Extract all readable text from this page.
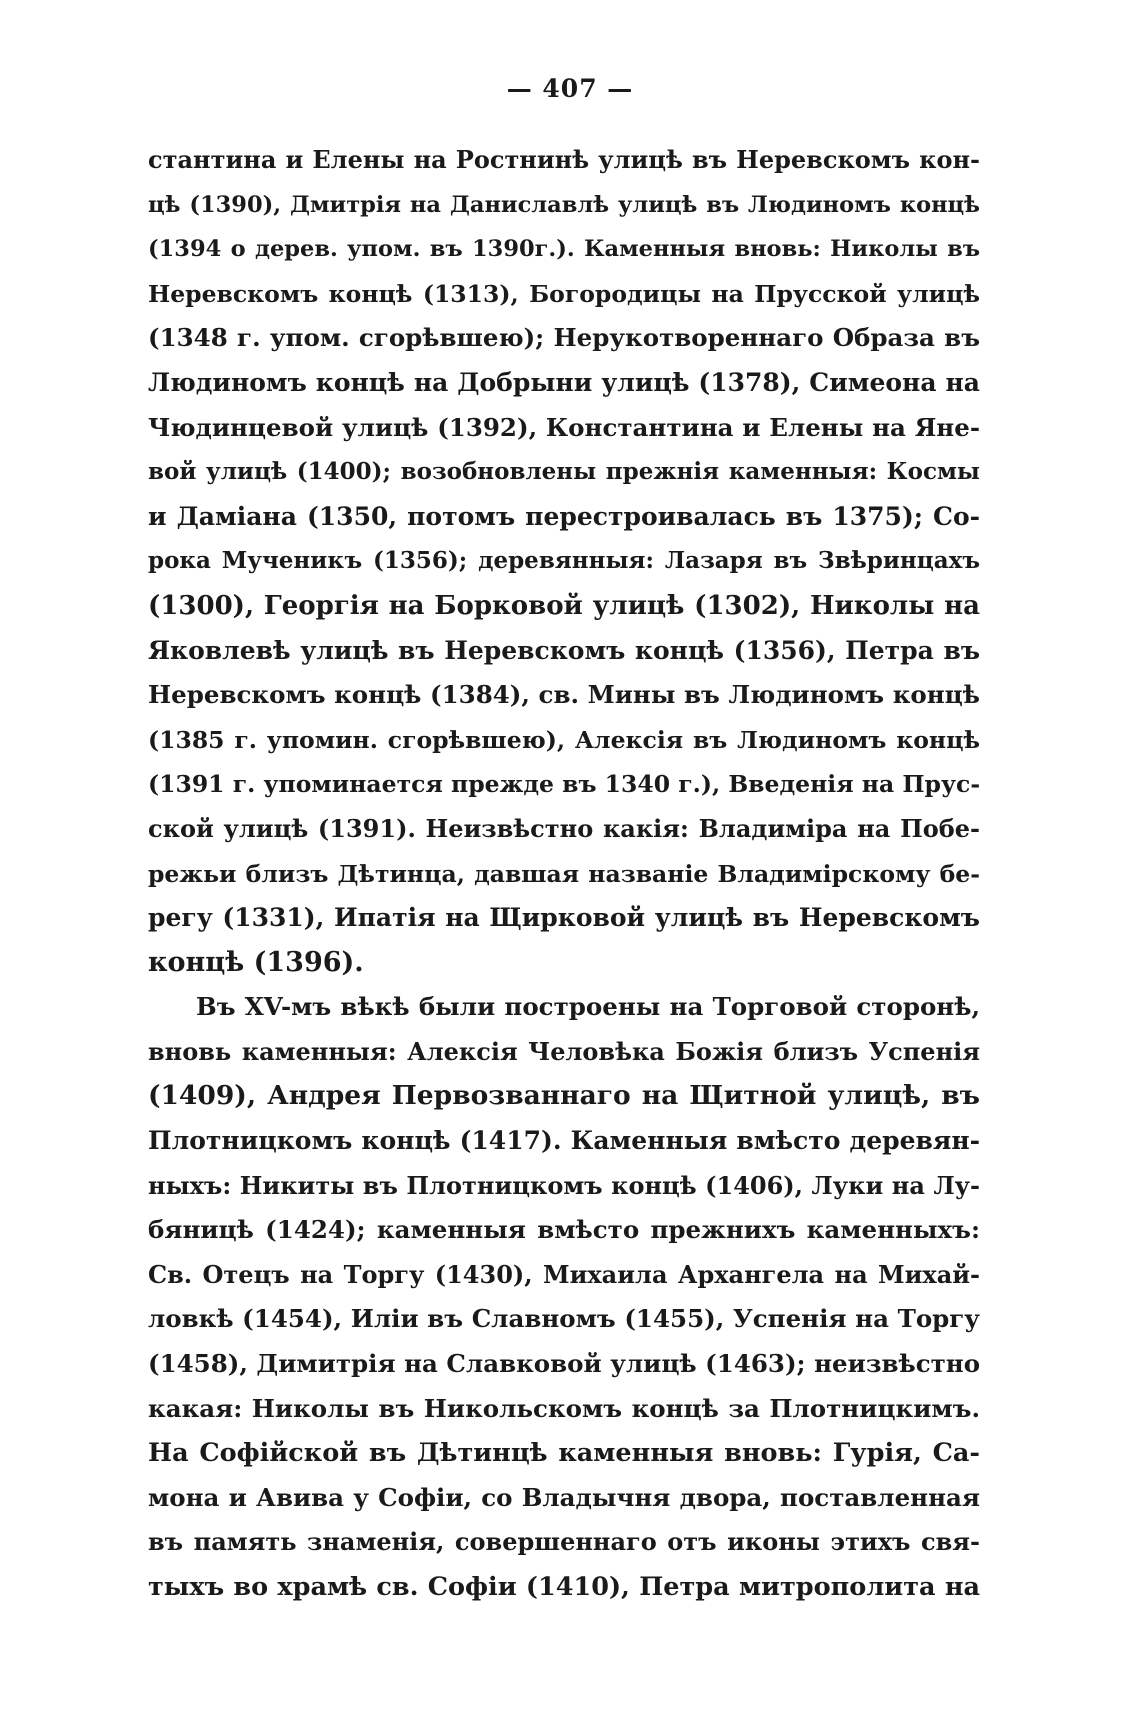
— 407 —
стантина и Елены на Ростнинѣ улицѣ въ Неревскомъ кон-
цѣ (1390), Дмитрія на Даниславлѣ улицѣ въ Людиномъ концѣ
(1394 о дерев. упом. въ 1390г.). Каменныя вновь: Николы въ
Неревскомъ концѣ (1313), Богородицы на Прусской улицѣ
(1348 г. упом. сгорѣвшею); Нерукотвореннаго Образа въ
Людиномъ концѣ на Добрыни улицѣ (1378), Симеона на
Чюдинцевой улицѣ (1392), Константина и Елены на Яне-
вой улицѣ (1400); возобновлены прежнія каменныя: Космы
и Даміана (1350, потомъ перестроивалась въ 1375); Со-
рока Мучениκъ (1356); деревянныя: Лазаря въ Звѣринцахъ
(1300), Георгія на Борковой улицѣ (1302), Николы на
Яковлевѣ улицѣ въ Неревскомъ концѣ (1356), Петра въ
Неревскомъ концѣ (1384), св. Мины въ Людиномъ концѣ
(1385 г. упомин. сгорѣвшею), Алексія въ Людиномъ концѣ
(1391 г. упоминается прежде въ 1340 г.), Введенія на Прус-
ской улицѣ (1391). Неизвѣстно какія: Владиміра на Побе-
режьи близъ Дѣтинца, давшая названіе Владимірскому бе-
регу (1331), Ипатія на Щирковой улицѣ въ Неревскомъ
концѣ (1396).
Въ XV-мъ вѣкѣ были построены на Торговой сторонѣ,
вновь каменныя: Алексія Человѣка Божія близъ Успенія
(1409), Андрея Первозваннаго на Щитной улицѣ, въ
Плотницкомъ концѣ (1417). Каменныя вмѣсто деревян-
ныхъ: Никиты въ Плотницкомъ концѣ (1406), Луки на Лу-
бяницѣ (1424); каменныя вмѣсто прежнихъ каменныхъ:
Св. Отецъ на Торгу (1430), Михаила Архангела на Михай-
ловкѣ (1454), Иліи въ Славномъ (1455), Успенія на Торгу
(1458), Димитрія на Славковой улицѣ (1463); неизвѣстно
какая: Николы въ Никольскомъ концѣ за Плотницкимъ.
На Софійской въ Дѣтинцѣ каменныя вновь: Гурія, Са-
мона и Авива у Софіи, со Владычня двора, поставленная
въ память знаменія, совершеннаго отъ иконы этихъ свя-
тыхъ во храмѣ св. Софіи (1410), Петра митрополита на
